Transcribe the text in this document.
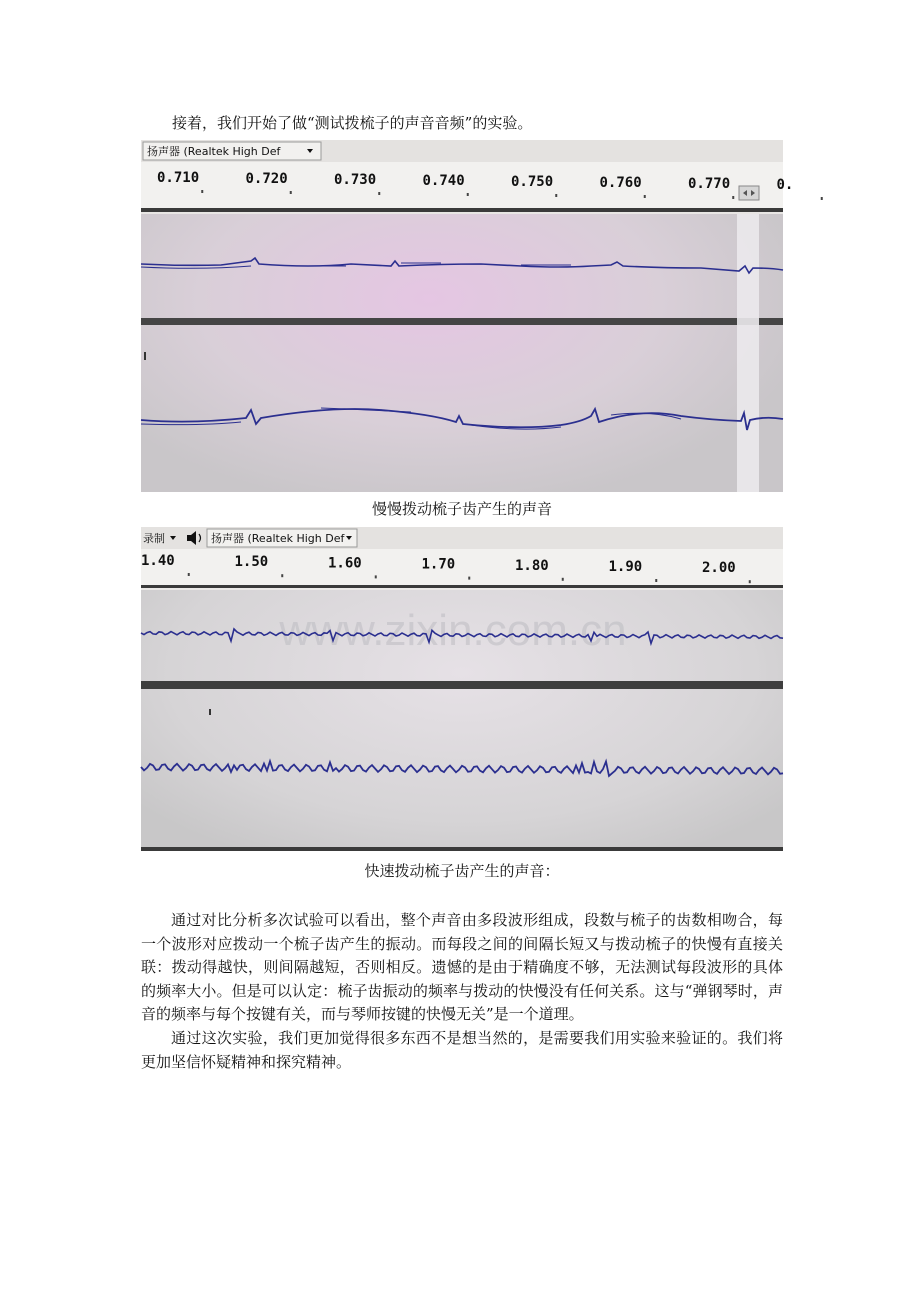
接着，我们开始了做“测试拨梳子的声音音频”的实验。

扬声器 (Realtek High Def
0.710	0.720	0.730	0.740	0.750	0.760	0.770	0.

慢慢拨动梳子齿产生的声音

录制	扬声器 (Realtek High Def
1.40	1.50	1.60	1.70	1.80	1.90	2.00
www.zixin.com.cn

快速拨动梳子齿产生的声音：

通过对比分析多次试验可以看出，整个声音由多段波形组成，段数与梳子的齿数相吻合，每一个波形对应拨动一个梳子齿产生的振动。而每段之间的间隔长短又与拨动梳子的快慢有直接关联：拨动得越快，则间隔越短，否则相反。遗憾的是由于精确度不够，无法测试每段波形的具体的频率大小。但是可以认定：梳子齿振动的频率与拨动的快慢没有任何关系。这与“弹钢琴时，声音的频率与每个按键有关，而与琴师按键的快慢无关”是一个道理。

通过这次实验，我们更加觉得很多东西不是想当然的，是需要我们用实验来验证的。我们将更加坚信怀疑精神和探究精神。
